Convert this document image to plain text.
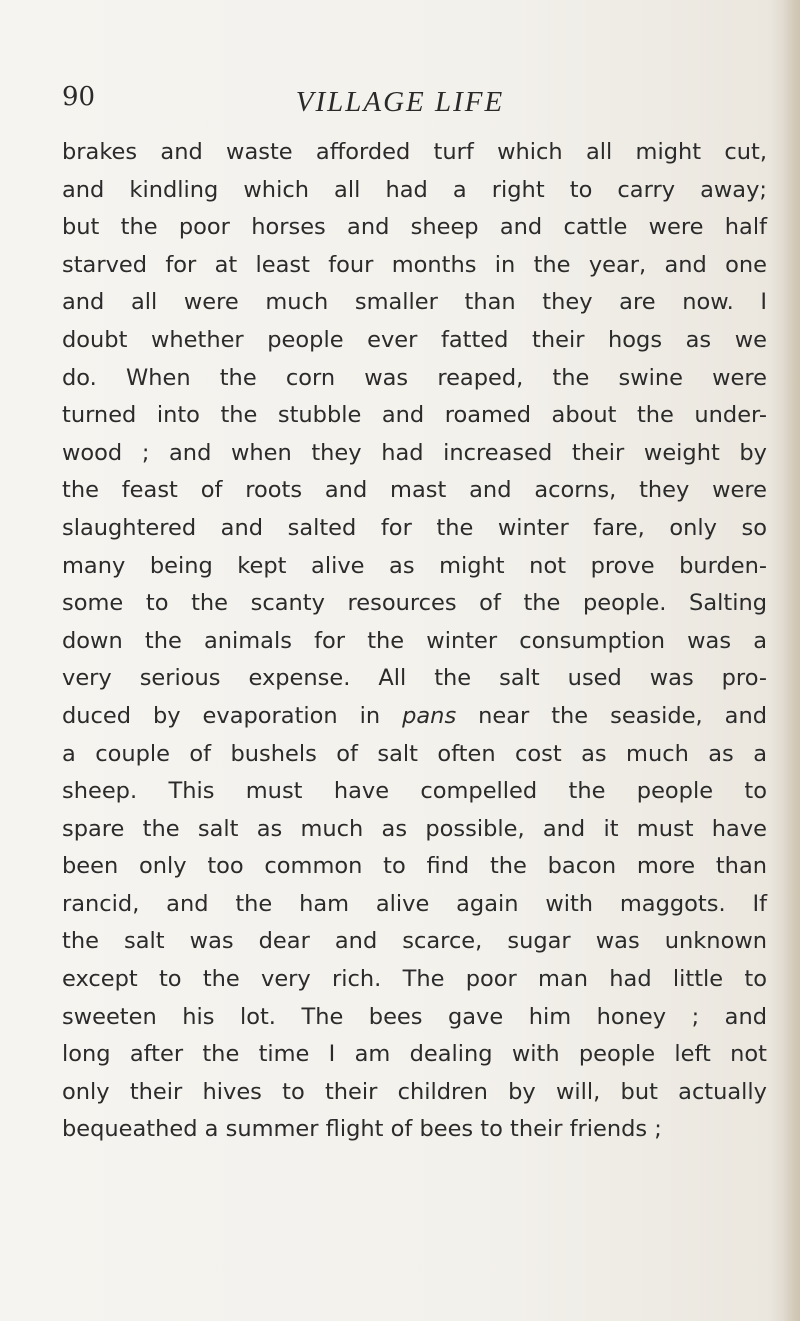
90	VILLAGE LIFE
brakes and waste afforded turf which all might cut,
and kindling which all had a right to carry away;
but the poor horses and sheep and cattle were half
starved for at least four months in the year, and one
and all were much smaller than they are now. I
doubt whether people ever fatted their hogs as we
do. When the corn was reaped, the swine were
turned into the stubble and roamed about the under-
wood ; and when they had increased their weight by
the feast of roots and mast and acorns, they were
slaughtered and salted for the winter fare, only so
many being kept alive as might not prove burden-
some to the scanty resources of the people. Salting
down the animals for the winter consumption was a
very serious expense. All the salt used was pro-
duced by evaporation in pans near the seaside, and
a couple of bushels of salt often cost as much as a
sheep. This must have compelled the people to
spare the salt as much as possible, and it must have
been only too common to find the bacon more than
rancid, and the ham alive again with maggots. If
the salt was dear and scarce, sugar was unknown
except to the very rich. The poor man had little to
sweeten his lot. The bees gave him honey ; and
long after the time I am dealing with people left not
only their hives to their children by will, but actually
bequeathed a summer flight of bees to their friends ;
